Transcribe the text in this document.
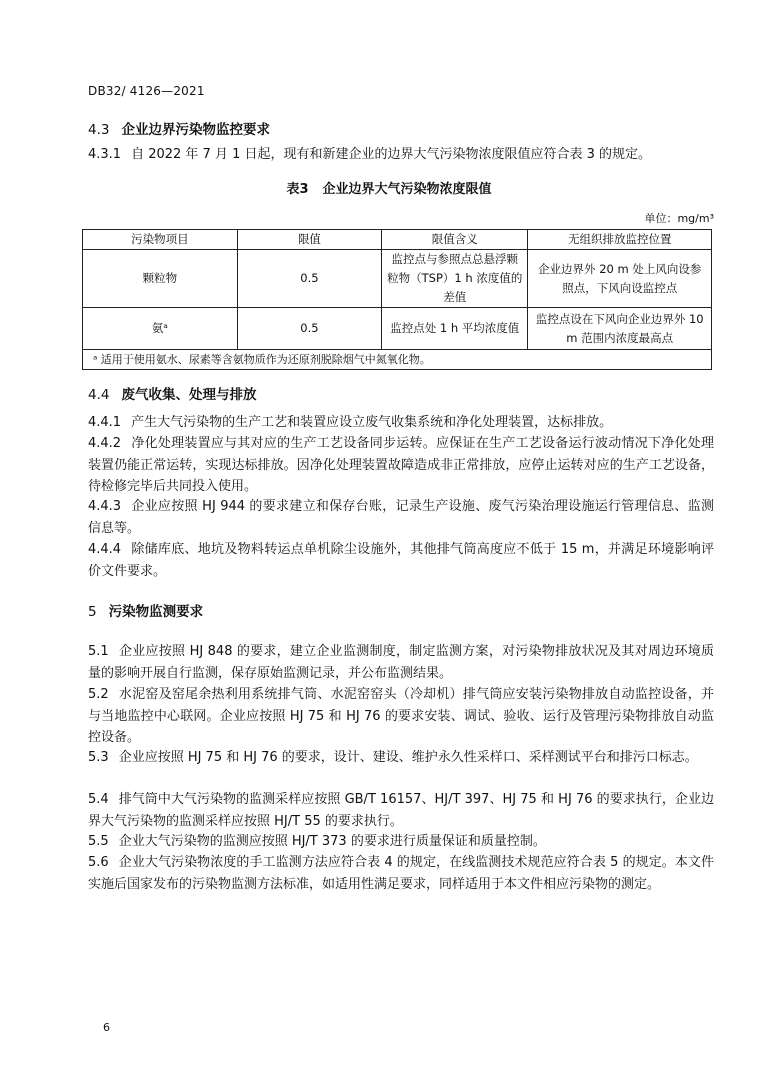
DB32/ 4126—2021
4.3 企业边界污染物监控要求
4.3.1 自 2022 年 7 月 1 日起，现有和新建企业的边界大气污染物浓度限值应符合表 3 的规定。
表3 企业边界大气污染物浓度限值
单位：mg/m³
污染物项目	限值	限值含义	无组织排放监控位置
颗粒物	0.5	监控点与参照点总悬浮颗粒物（TSP）1 h 浓度值的差值	企业边界外 20 m 处上风向设参照点，下风向设监控点
氨ᵃ	0.5	监控点处 1 h 平均浓度值	监控点设在下风向企业边界外 10 m 范围内浓度最高点
ᵃ 适用于使用氨水、尿素等含氨物质作为还原剂脱除烟气中氮氧化物。			
4.4 废气收集、处理与排放
4.4.1 产生大气污染物的生产工艺和装置应设立废气收集系统和净化处理装置，达标排放。
4.4.2 净化处理装置应与其对应的生产工艺设备同步运转。应保证在生产工艺设备运行波动情况下净化处理装置仍能正常运转，实现达标排放。因净化处理装置故障造成非正常排放，应停止运转对应的生产工艺设备，待检修完毕后共同投入使用。
4.4.3 企业应按照 HJ 944 的要求建立和保存台账，记录生产设施、废气污染治理设施运行管理信息、监测信息等。
4.4.4 除储库底、地坑及物料转运点单机除尘设施外，其他排气筒高度应不低于 15 m，并满足环境影响评价文件要求。
5 污染物监测要求
5.1 企业应按照 HJ 848 的要求，建立企业监测制度，制定监测方案，对污染物排放状况及其对周边环境质量的影响开展自行监测，保存原始监测记录，并公布监测结果。
5.2 水泥窑及窑尾余热利用系统排气筒、水泥窑窑头（冷却机）排气筒应安装污染物排放自动监控设备，并与当地监控中心联网。企业应按照 HJ 75 和 HJ 76 的要求安装、调试、验收、运行及管理污染物排放自动监控设备。
5.3 企业应按照 HJ 75 和 HJ 76 的要求，设计、建设、维护永久性采样口、采样测试平台和排污口标志。
5.4 排气筒中大气污染物的监测采样应按照 GB/T 16157、HJ/T 397、HJ 75 和 HJ 76 的要求执行，企业边界大气污染物的监测采样应按照 HJ/T 55 的要求执行。
5.5 企业大气污染物的监测应按照 HJ/T 373 的要求进行质量保证和质量控制。
5.6 企业大气污染物浓度的手工监测方法应符合表 4 的规定，在线监测技术规范应符合表 5 的规定。本文件实施后国家发布的污染物监测方法标准，如适用性满足要求，同样适用于本文件相应污染物的测定。
6
